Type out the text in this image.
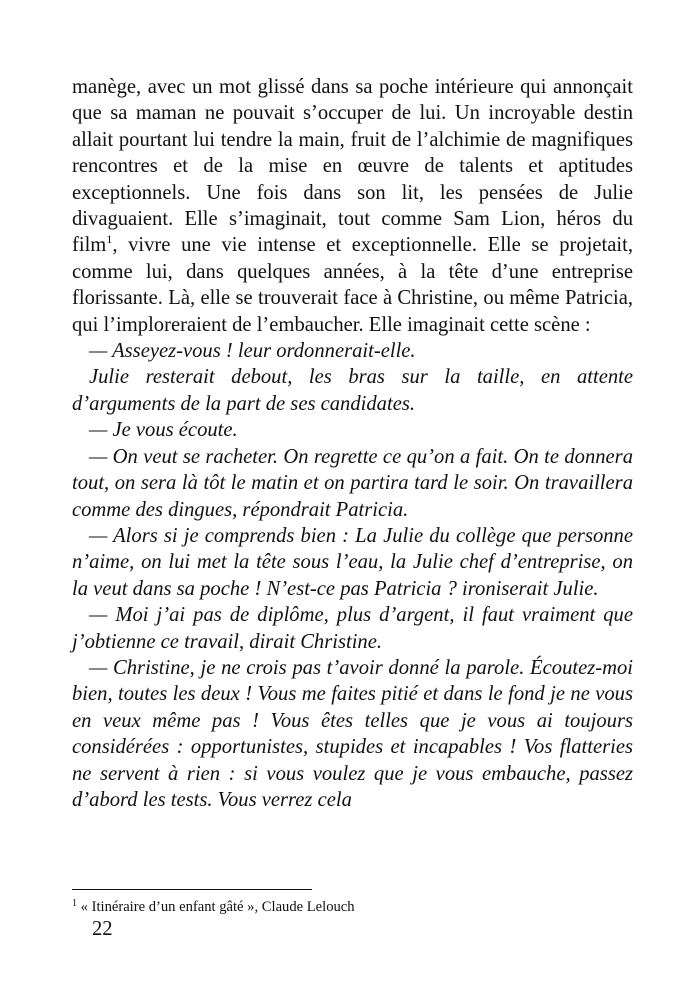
manège, avec un mot glissé dans sa poche intérieure qui annonçait que sa maman ne pouvait s’occuper de lui. Un incroyable destin allait pourtant lui tendre la main, fruit de l’alchimie de magnifiques rencontres et de la mise en œuvre de talents et aptitudes exceptionnels. Une fois dans son lit, les pensées de Julie divaguaient. Elle s’imaginait, tout comme Sam Lion, héros du film$^1$, vivre une vie intense et exceptionnelle. Elle se projetait, comme lui, dans quelques années, à la tête d’une entreprise florissante. Là, elle se trouverait face à Christine, ou même Patricia, qui l’imploreraient de l’embaucher. Elle imaginait cette scène :

— Asseyez-vous ! leur ordonnerait-elle.

Julie resterait debout, les bras sur la taille, en attente d’arguments de la part de ses candidates.

— Je vous écoute.

— On veut se racheter. On regrette ce qu’on a fait. On te donnera tout, on sera là tôt le matin et on partira tard le soir. On travaillera comme des dingues, répondrait Patricia.

— Alors si je comprends bien : La Julie du collège que personne n’aime, on lui met la tête sous l’eau, la Julie chef d’entreprise, on la veut dans sa poche ! N’est-ce pas Patricia ? ironiserait Julie.

— Moi j’ai pas de diplôme, plus d’argent, il faut vraiment que j’obtienne ce travail, dirait Christine.

— Christine, je ne crois pas t’avoir donné la parole. Écoutez-moi bien, toutes les deux ! Vous me faites pitié et dans le fond je ne vous en veux même pas ! Vous êtes telles que je vous ai toujours considérées : opportunistes, stupides et incapables ! Vos flatteries ne servent à rien : si vous voulez que je vous embauche, passez d’abord les tests. Vous verrez cela

$^1$ « Itinéraire d’un enfant gâté », Claude Lelouch

22
